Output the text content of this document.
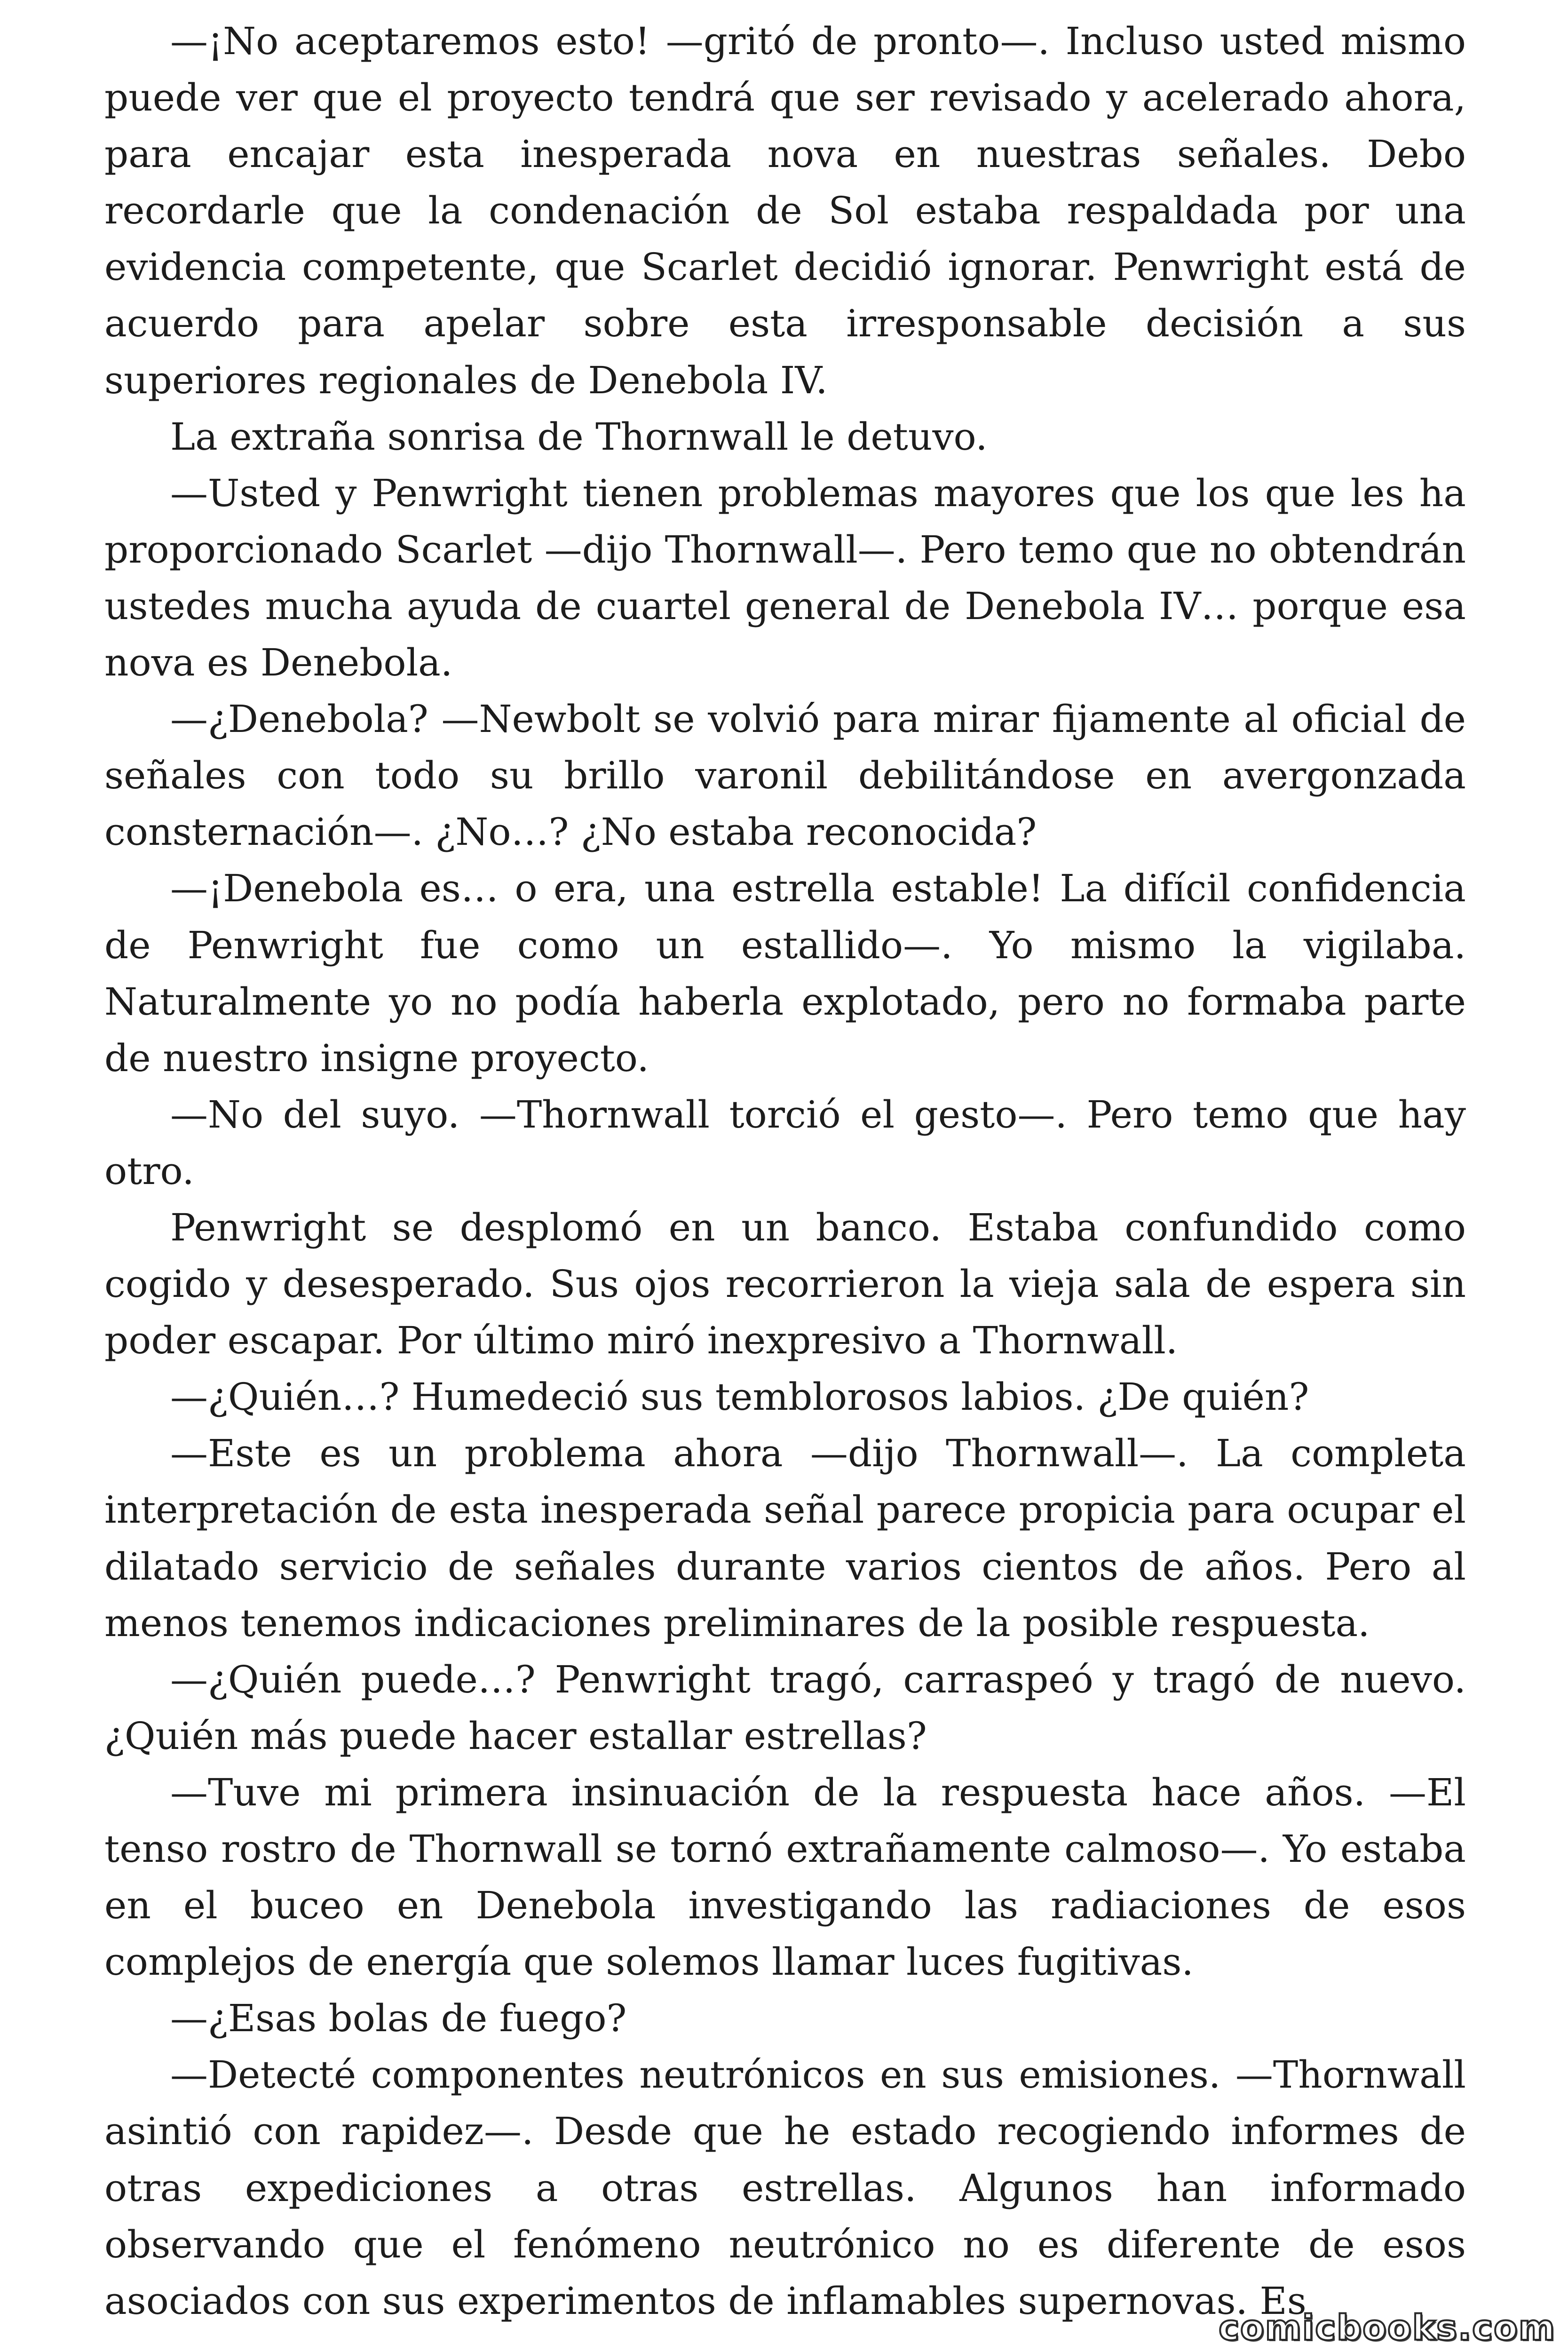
—¡No aceptaremos esto! —gritó de pronto—. Incluso usted mismo puede ver que el proyecto tendrá que ser revisado y acelerado ahora, para encajar esta inesperada nova en nuestras señales. Debo recordarle que la condenación de Sol estaba respaldada por una evidencia competente, que Scarlet decidió ignorar. Penwright está de acuerdo para apelar sobre esta irresponsable decisión a sus superiores regionales de Denebola IV.

La extraña sonrisa de Thornwall le detuvo.

—Usted y Penwright tienen problemas mayores que los que les ha proporcionado Scarlet —dijo Thornwall—. Pero temo que no obtendrán ustedes mucha ayuda de cuartel general de Denebola IV… porque esa nova es Denebola.

—¿Denebola? —Newbolt se volvió para mirar fijamente al oficial de señales con todo su brillo varonil debilitándose en avergonzada consternación—. ¿No…? ¿No estaba reconocida?

—¡Denebola es… o era, una estrella estable! La difícil confidencia de Penwright fue como un estallido—. Yo mismo la vigilaba. Naturalmente yo no podía haberla explotado, pero no formaba parte de nuestro insigne proyecto.

—No del suyo. —Thornwall torció el gesto—. Pero temo que hay otro.

Penwright se desplomó en un banco. Estaba confundido como cogido y desesperado. Sus ojos recorrieron la vieja sala de espera sin poder escapar. Por último miró inexpresivo a Thornwall.

—¿Quién…? Humedeció sus temblorosos labios. ¿De quién?

—Este es un problema ahora —dijo Thornwall—. La completa interpretación de esta inesperada señal parece propicia para ocupar el dilatado servicio de señales durante varios cientos de años. Pero al menos tenemos indicaciones preliminares de la posible respuesta.

—¿Quién puede…? Penwright tragó, carraspeó y tragó de nuevo. ¿Quién más puede hacer estallar estrellas?

—Tuve mi primera insinuación de la respuesta hace años. —El tenso rostro de Thornwall se tornó extrañamente calmoso—. Yo estaba en el buceo en Denebola investigando las radiaciones de esos complejos de energía que solemos llamar luces fugitivas.

—¿Esas bolas de fuego?

—Detecté componentes neutrónicos en sus emisiones. —Thornwall asintió con rapidez—. Desde que he estado recogiendo informes de otras expediciones a otras estrellas. Algunos han informado observando que el fenómeno neutrónico no es diferente de esos asociados con sus experimentos de inflamables supernovas. Es

comicbooks.com
